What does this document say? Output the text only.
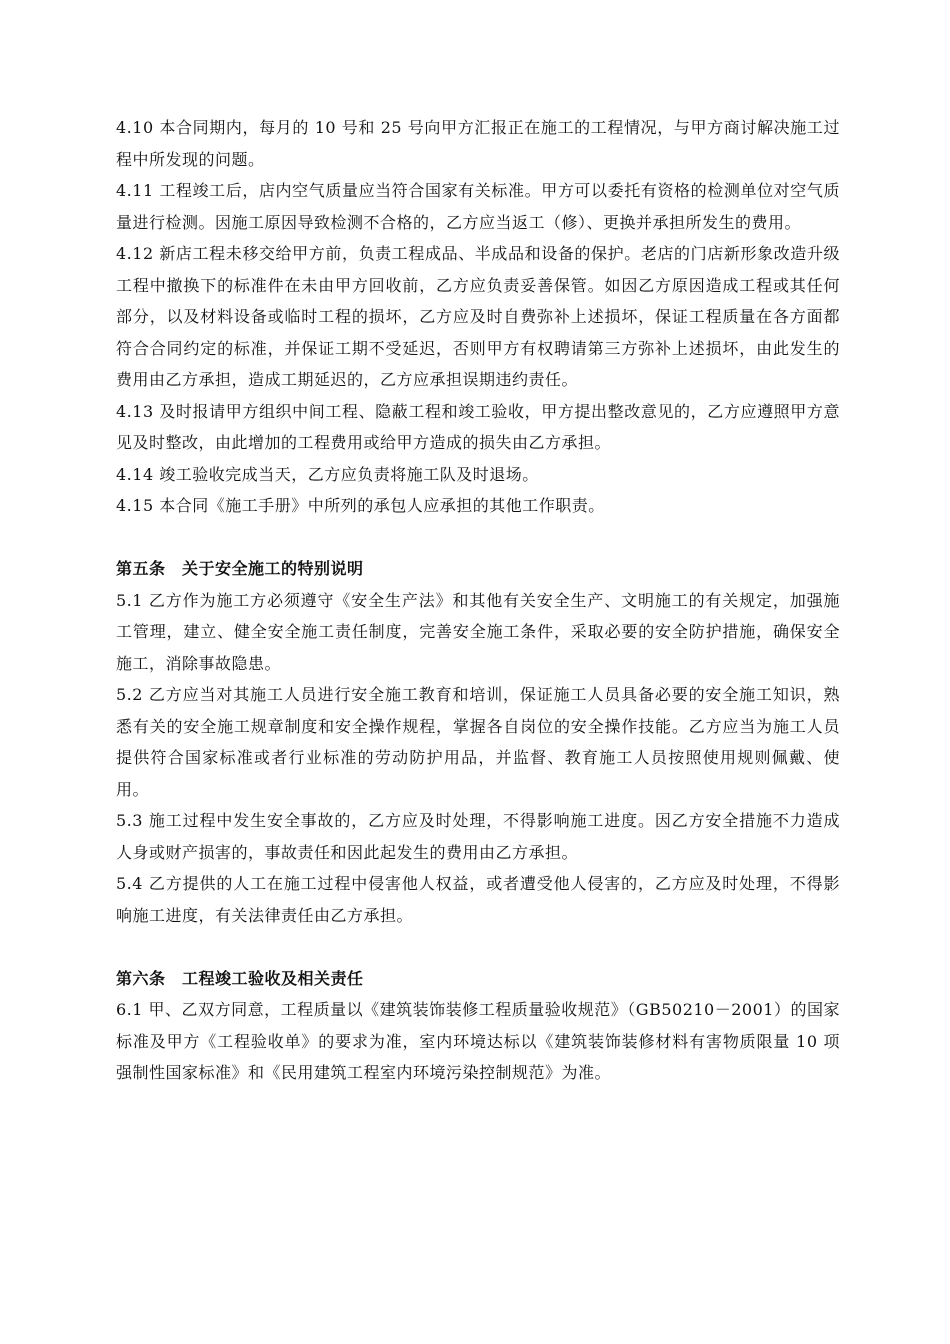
4.10 本合同期内，每月的 10 号和 25 号向甲方汇报正在施工的工程情况，与甲方商讨解决施工过程中所发现的问题。

4.11 工程竣工后，店内空气质量应当符合国家有关标准。甲方可以委托有资格的检测单位对空气质量进行检测。因施工原因导致检测不合格的，乙方应当返工（修）、更换并承担所发生的费用。

4.12 新店工程未移交给甲方前，负责工程成品、半成品和设备的保护。老店的门店新形象改造升级工程中撤换下的标准件在未由甲方回收前，乙方应负责妥善保管。如因乙方原因造成工程或其任何部分，以及材料设备或临时工程的损坏，乙方应及时自费弥补上述损坏，保证工程质量在各方面都符合合同约定的标准，并保证工期不受延迟，否则甲方有权聘请第三方弥补上述损坏，由此发生的费用由乙方承担，造成工期延迟的，乙方应承担误期违约责任。

4.13 及时报请甲方组织中间工程、隐蔽工程和竣工验收，甲方提出整改意见的，乙方应遵照甲方意见及时整改，由此增加的工程费用或给甲方造成的损失由乙方承担。

4.14 竣工验收完成当天，乙方应负责将施工队及时退场。

4.15 本合同《施工手册》中所列的承包人应承担的其他工作职责。

第五条　关于安全施工的特别说明

5.1 乙方作为施工方必须遵守《安全生产法》和其他有关安全生产、文明施工的有关规定，加强施工管理，建立、健全安全施工责任制度，完善安全施工条件，采取必要的安全防护措施，确保安全施工，消除事故隐患。

5.2 乙方应当对其施工人员进行安全施工教育和培训，保证施工人员具备必要的安全施工知识，熟悉有关的安全施工规章制度和安全操作规程，掌握各自岗位的安全操作技能。乙方应当为施工人员提供符合国家标准或者行业标准的劳动防护用品，并监督、教育施工人员按照使用规则佩戴、使用。

5.3 施工过程中发生安全事故的，乙方应及时处理，不得影响施工进度。因乙方安全措施不力造成人身或财产损害的，事故责任和因此起发生的费用由乙方承担。

5.4 乙方提供的人工在施工过程中侵害他人权益，或者遭受他人侵害的，乙方应及时处理，不得影响施工进度，有关法律责任由乙方承担。

第六条　工程竣工验收及相关责任

6.1 甲、乙双方同意，工程质量以《建筑装饰装修工程质量验收规范》（GB50210－2001）的国家标准及甲方《工程验收单》的要求为准，室内环境达标以《建筑装饰装修材料有害物质限量 10 项强制性国家标准》和《民用建筑工程室内环境污染控制规范》为准。
